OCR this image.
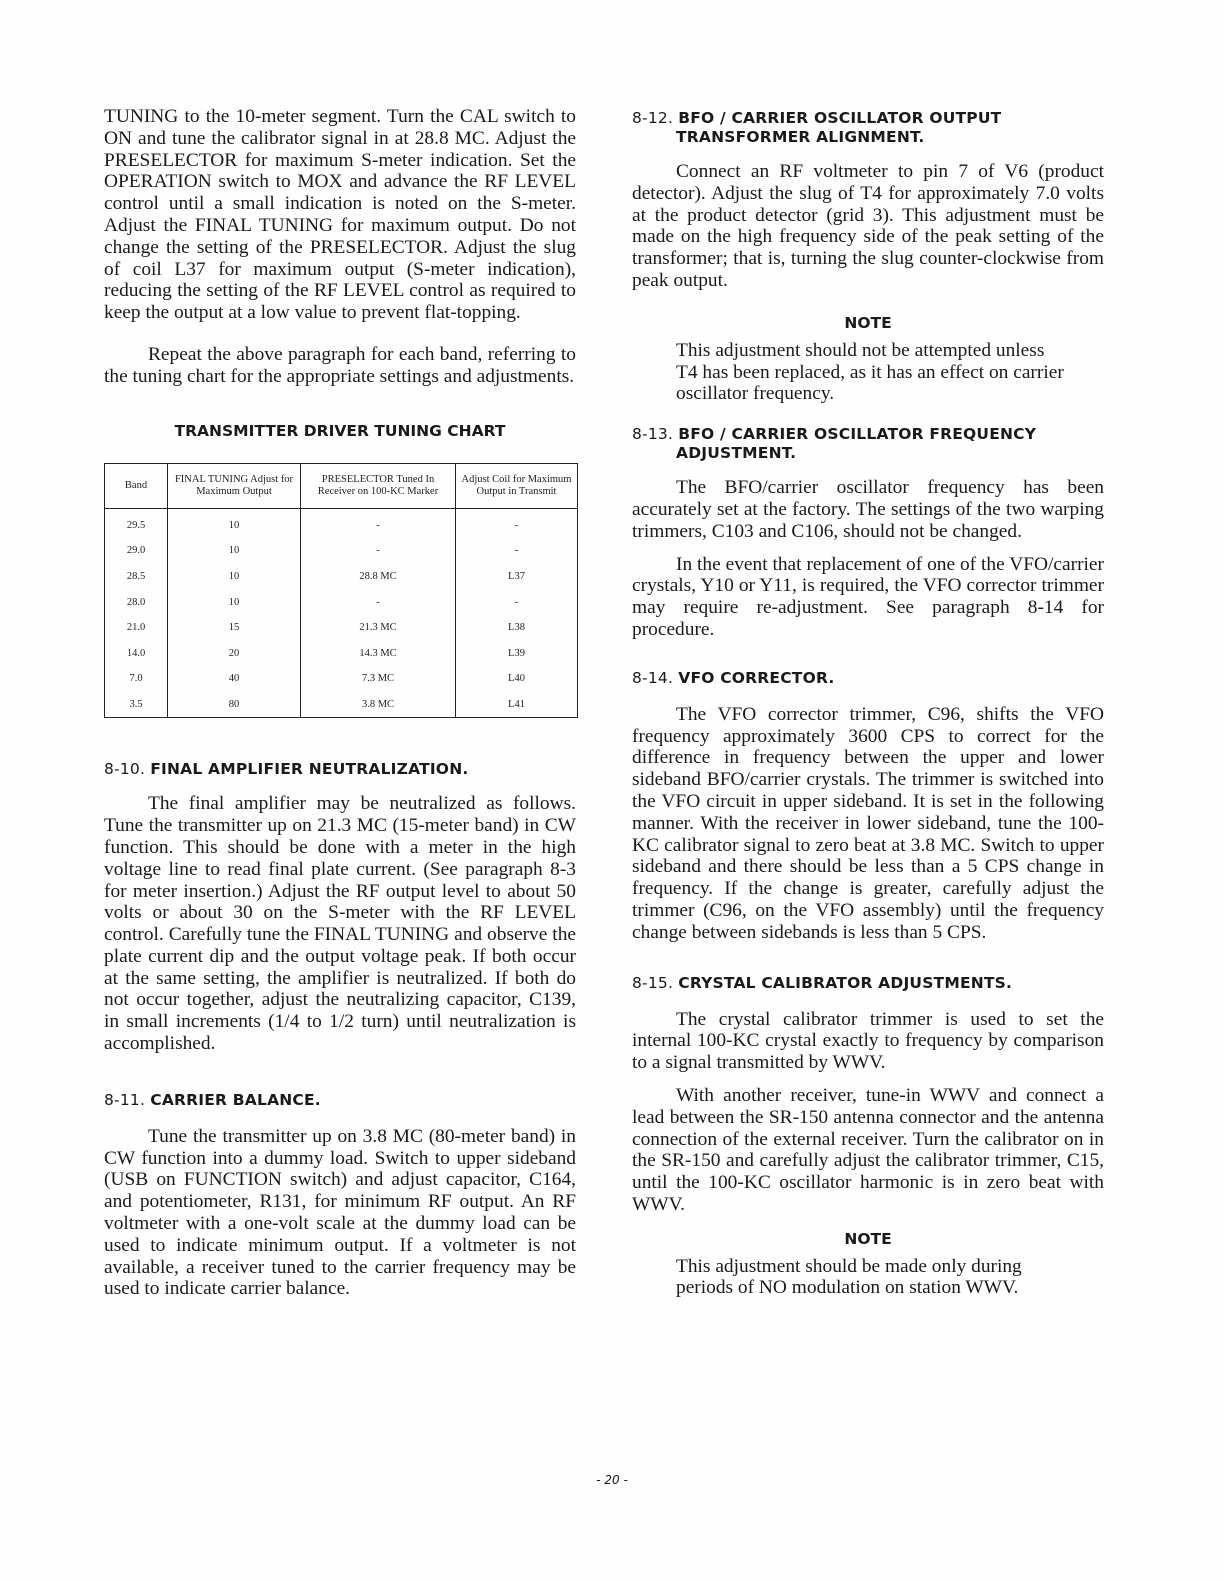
TUNING to the 10-meter segment. Turn the CAL switch to ON and tune the calibrator signal in at 28.8 MC. Adjust the PRESELECTOR for maximum S-meter indication. Set the OPERATION switch to MOX and advance the RF LEVEL control until a small indication is noted on the S-meter. Adjust the FINAL TUNING for maximum output. Do not change the setting of the PRESELECTOR. Adjust the slug of coil L37 for maximum output (S-meter indication), reducing the setting of the RF LEVEL control as required to keep the output at a low value to prevent flat-topping.

Repeat the above paragraph for each band, referring to the tuning chart for the appropriate settings and adjustments.

TRANSMITTER DRIVER TUNING CHART

Band	FINAL TUNING Adjust for Maximum Output	PRESELECTOR Tuned In Receiver on 100-KC Marker	Adjust Coil for Maximum Output in Transmit
29.5	10	-	-
29.0	10	-	-
28.5	10	28.8 MC	L37
28.0	10	-	-
21.0	15	21.3 MC	L38
14.0	20	14.3 MC	L39
7.0	40	7.3 MC	L40
3.5	80	3.8 MC	L41

8-10. FINAL AMPLIFIER NEUTRALIZATION.

The final amplifier may be neutralized as follows. Tune the transmitter up on 21.3 MC (15-meter band) in CW function. This should be done with a meter in the high voltage line to read final plate current. (See paragraph 8-3 for meter insertion.) Adjust the RF output level to about 50 volts or about 30 on the S-meter with the RF LEVEL control. Carefully tune the FINAL TUNING and observe the plate current dip and the output voltage peak. If both occur at the same setting, the amplifier is neutralized. If both do not occur together, adjust the neutralizing capacitor, C139, in small increments (1/4 to 1/2 turn) until neutralization is accomplished.

8-11. CARRIER BALANCE.

Tune the transmitter up on 3.8 MC (80-meter band) in CW function into a dummy load. Switch to upper sideband (USB on FUNCTION switch) and adjust capacitor, C164, and potentiometer, R131, for minimum RF output. An RF voltmeter with a one-volt scale at the dummy load can be used to indicate minimum output. If a voltmeter is not available, a receiver tuned to the carrier frequency may be used to indicate carrier balance.

8-12. BFO / CARRIER OSCILLATOR OUTPUT
TRANSFORMER ALIGNMENT.

Connect an RF voltmeter to pin 7 of V6 (product detector). Adjust the slug of T4 for approximately 7.0 volts at the product detector (grid 3). This adjustment must be made on the high frequency side of the peak setting of the transformer; that is, turning the slug counter-clockwise from peak output.

NOTE

This adjustment should not be attempted unless T4 has been replaced, as it has an effect on carrier oscillator frequency.

8-13. BFO / CARRIER OSCILLATOR FREQUENCY
ADJUSTMENT.

The BFO/carrier oscillator frequency has been accurately set at the factory. The settings of the two warping trimmers, C103 and C106, should not be changed.

In the event that replacement of one of the VFO/carrier crystals, Y10 or Y11, is required, the VFO corrector trimmer may require re-adjustment. See paragraph 8-14 for procedure.

8-14. VFO CORRECTOR.

The VFO corrector trimmer, C96, shifts the VFO frequency approximately 3600 CPS to correct for the difference in frequency between the upper and lower sideband BFO/carrier crystals. The trimmer is switched into the VFO circuit in upper sideband. It is set in the following manner. With the receiver in lower sideband, tune the 100-KC calibrator signal to zero beat at 3.8 MC. Switch to upper sideband and there should be less than a 5 CPS change in frequency. If the change is greater, carefully adjust the trimmer (C96, on the VFO assembly) until the frequency change between sidebands is less than 5 CPS.

8-15. CRYSTAL CALIBRATOR ADJUSTMENTS.

The crystal calibrator trimmer is used to set the internal 100-KC crystal exactly to frequency by comparison to a signal transmitted by WWV.

With another receiver, tune-in WWV and connect a lead between the SR-150 antenna connector and the antenna connection of the external receiver. Turn the calibrator on in the SR-150 and carefully adjust the calibrator trimmer, C15, until the 100-KC oscillator harmonic is in zero beat with WWV.

NOTE

This adjustment should be made only during periods of NO modulation on station WWV.

- 20 -
